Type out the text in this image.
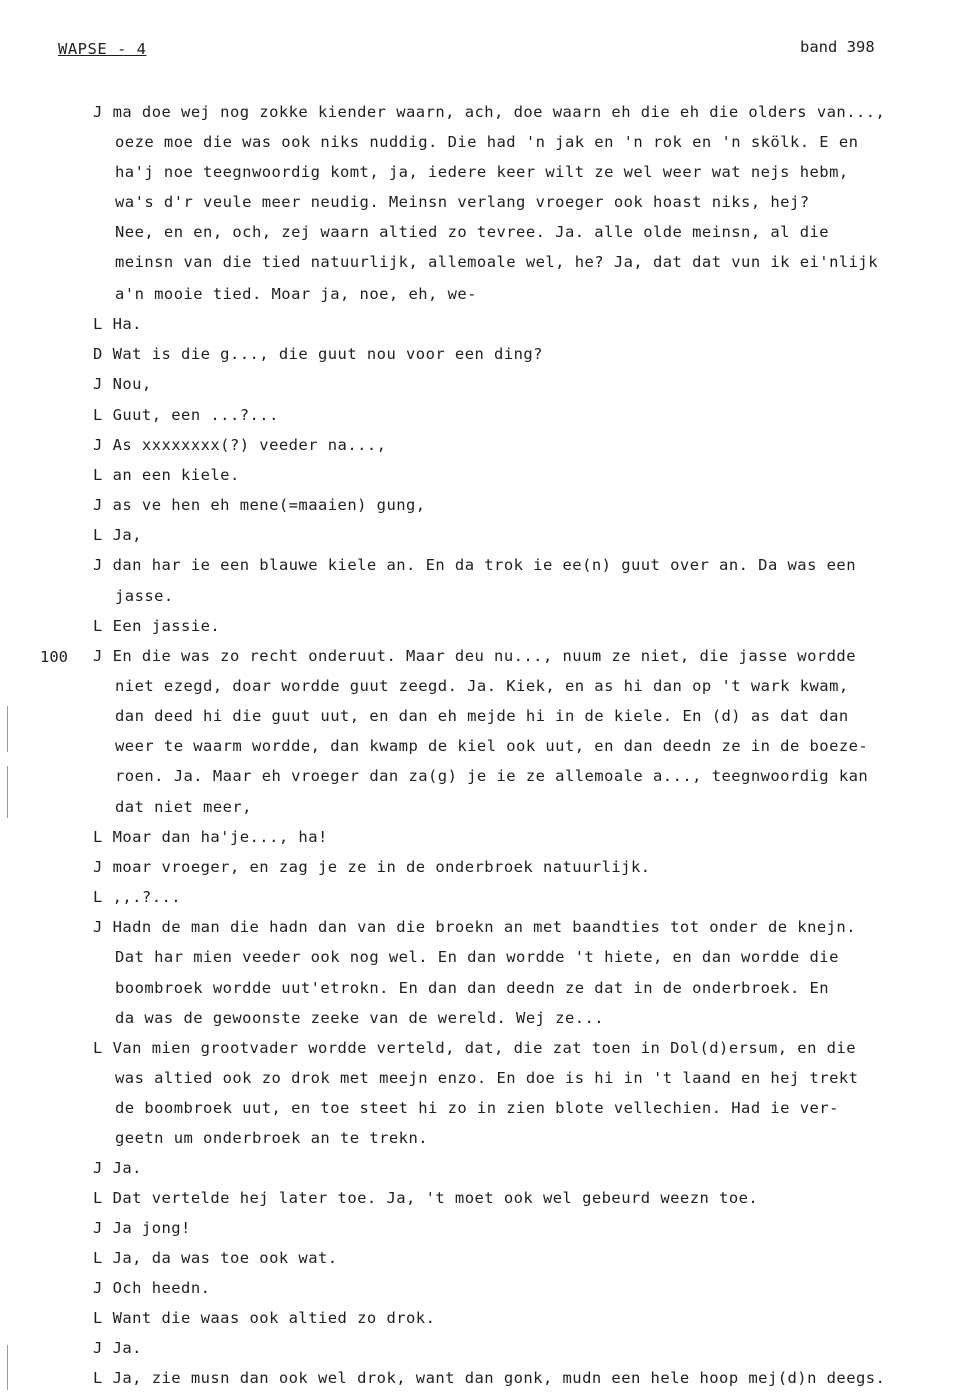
WAPSE - 4	band 398
100
J ma doe wej nog zokke kiender waarn, ach, doe waarn eh die eh die olders van...,
oeze moe die was ook niks nuddig. Die had 'n jak en 'n rok en 'n skölk. E en
ha'j noe teegnwoordig komt, ja, iedere keer wilt ze wel weer wat nejs hebm,
wa's d'r veule meer neudig. Meinsn verlang vroeger ook hoast niks, hej?
Nee, en en, och, zej waarn altied zo tevree. Ja. alle olde meinsn, al die
meinsn van die tied natuurlijk, allemoale wel, he? Ja, dat dat vun ik ei'nlijk
a'n mooie tied. Moar ja, noe, eh, we-
L Ha.
D Wat is die g..., die guut nou voor een ding?
J Nou,
L Guut, een ...?...
J As xxxxxxxx(?) veeder na...,
L an een kiele.
J as ve hen eh mene(=maaien) gung,
L Ja,
J dan har ie een blauwe kiele an. En da trok ie ee(n) guut over an. Da was een
jasse.
L Een jassie.
J En die was zo recht onderuut. Maar deu nu..., nuum ze niet, die jasse wordde
niet ezegd, doar wordde guut zeegd. Ja. Kiek, en as hi dan op 't wark kwam,
dan deed hi die guut uut, en dan eh mejde hi in de kiele. En (d) as dat dan
weer te waarm wordde, dan kwamp de kiel ook uut, en dan deedn ze in de boeze-
roen. Ja. Maar eh vroeger dan za(g) je ie ze allemoale a..., teegnwoordig kan
dat niet meer,
L Moar dan ha'je..., ha!
J moar vroeger, en zag je ze in de onderbroek natuurlijk.
L ,,.?...
J Hadn de man die hadn dan van die broekn an met baandties tot onder de knejn.
Dat har mien veeder ook nog wel. En dan wordde 't hiete, en dan wordde die
boombroek wordde uut'etrokn. En dan dan deedn ze dat in de onderbroek. En
da was de gewoonste zeeke van de wereld. Wej ze...
L Van mien grootvader wordde verteld, dat, die zat toen in Dol(d)ersum, en die
was altied ook zo drok met meejn enzo. En doe is hi in 't laand en hej trekt
de boombroek uut, en toe steet hi zo in zien blote vellechien. Had ie ver-
geetn um onderbroek an te trekn.
J Ja.
L Dat vertelde hej later toe. Ja, 't moet ook wel gebeurd weezn toe.
J Ja jong!
L Ja, da was toe ook wat.
J Och heedn.
L Want die waas ook altied zo drok.
J Ja.
L Ja, zie musn dan ook wel drok, want dan gonk, mudn een hele hoop mej(d)n deegs.
